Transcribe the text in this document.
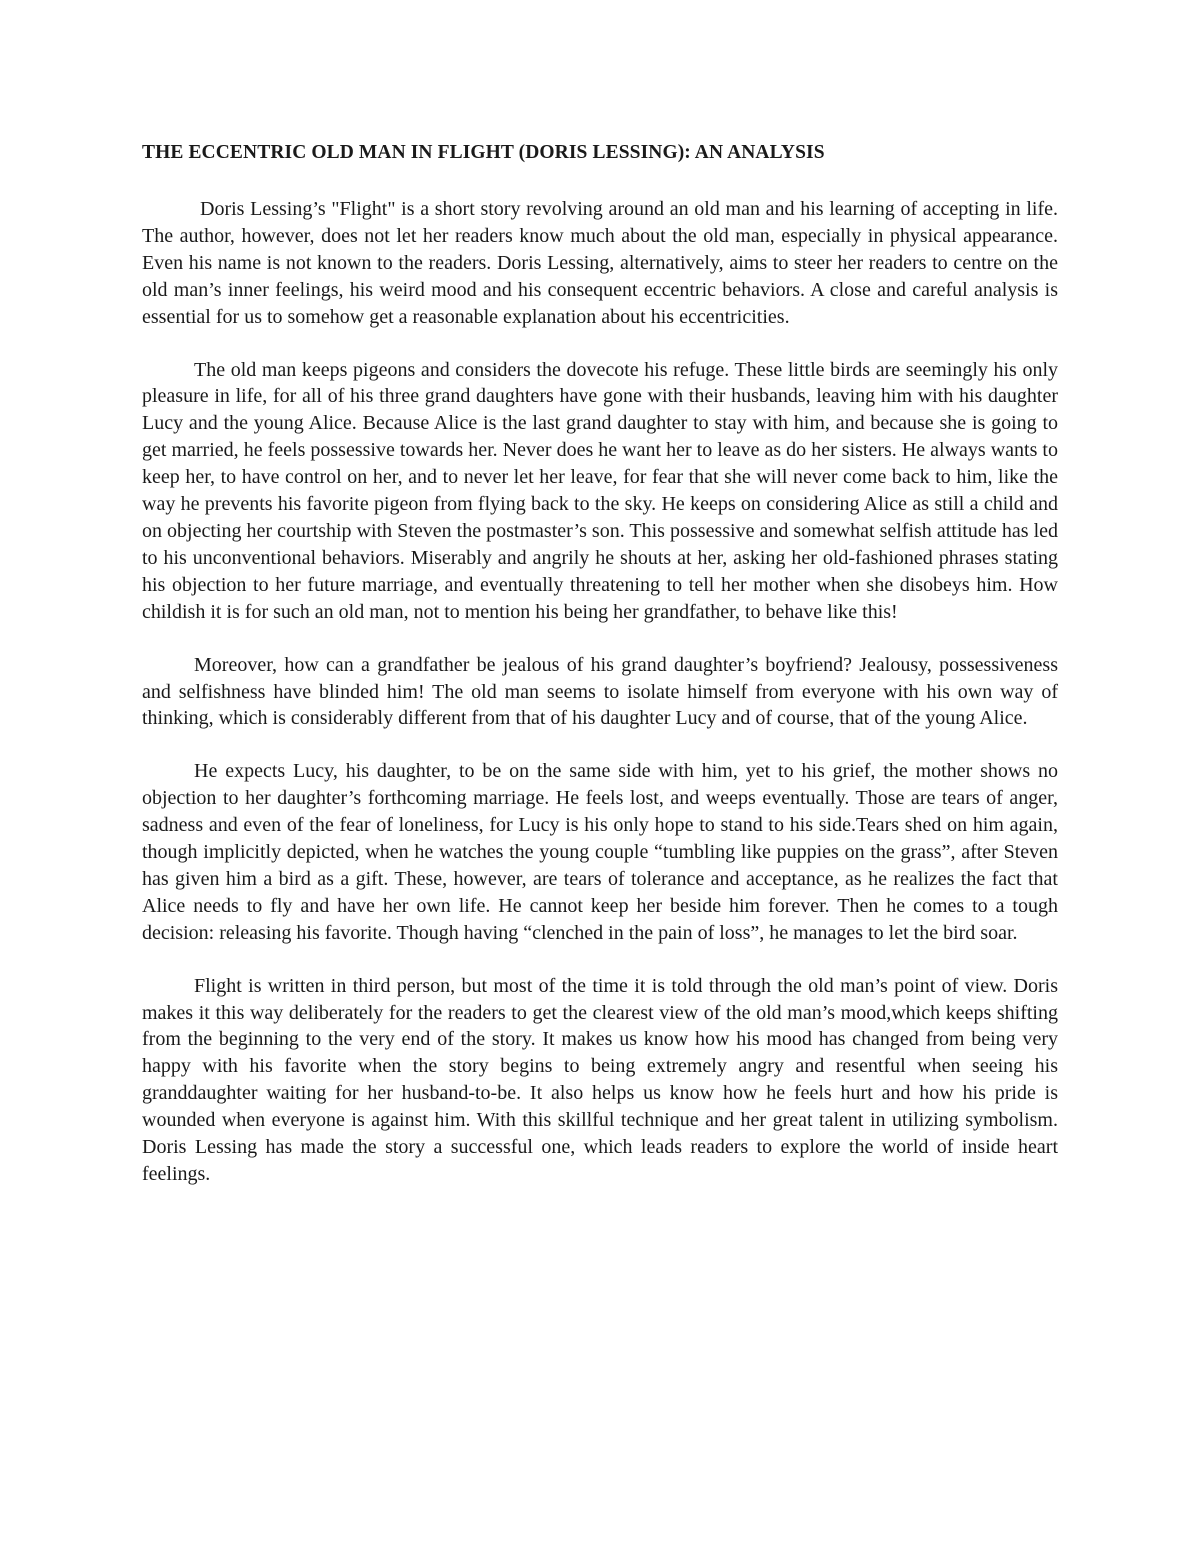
THE ECCENTRIC OLD MAN IN FLIGHT (DORIS LESSING): AN ANALYSIS

Doris Lessing’s "Flight" is a short story revolving around an old man and his learning of accepting in life. The author, however, does not let her readers know much about the old man, especially in physical appearance. Even his name is not known to the readers. Doris Lessing, alternatively, aims to steer her readers to centre on the old man’s inner feelings, his weird mood and his consequent eccentric behaviors. A close and careful analysis is essential for us to somehow get a reasonable explanation about his eccentricities.

The old man keeps pigeons and considers the dovecote his refuge. These little birds are seemingly his only pleasure in life, for all of his three grand daughters have gone with their husbands, leaving him with his daughter Lucy and the young Alice. Because Alice is the last grand daughter to stay with him, and because she is going to get married, he feels possessive towards her. Never does he want her to leave as do her sisters. He always wants to keep her, to have control on her, and to never let her leave, for fear that she will never come back to him, like the way he prevents his favorite pigeon from flying back to the sky. He keeps on considering Alice as still a child and on objecting her courtship with Steven the postmaster’s son. This possessive and somewhat selfish attitude has led to his unconventional behaviors. Miserably and angrily he shouts at her, asking her old-fashioned phrases stating his objection to her future marriage, and eventually threatening to tell her mother when she disobeys him. How childish it is for such an old man, not to mention his being her grandfather, to behave like this!

Moreover, how can a grandfather be jealous of his grand daughter’s boyfriend? Jealousy, possessiveness and selfishness have blinded him! The old man seems to isolate himself from everyone with his own way of thinking, which is considerably different from that of his daughter Lucy and of course, that of the young Alice.

He expects Lucy, his daughter, to be on the same side with him, yet to his grief, the mother shows no objection to her daughter’s forthcoming marriage. He feels lost, and weeps eventually. Those are tears of anger, sadness and even of the fear of loneliness, for Lucy is his only hope to stand to his side.Tears shed on him again, though implicitly depicted, when he watches the young couple “tumbling like puppies on the grass”, after Steven has given him a bird as a gift. These, however, are tears of tolerance and acceptance, as he realizes the fact that Alice needs to fly and have her own life. He cannot keep her beside him forever. Then he comes to a tough decision: releasing his favorite. Though having “clenched in the pain of loss”, he manages to let the bird soar.

Flight is written in third person, but most of the time it is told through the old man’s point of view. Doris makes it this way deliberately for the readers to get the clearest view of the old man’s mood,which keeps shifting from the beginning to the very end of the story. It makes us know how his mood has changed from being very happy with his favorite when the story begins to being extremely angry and resentful when seeing his granddaughter waiting for her husband-to-be. It also helps us know how he feels hurt and how his pride is wounded when everyone is against him. With this skillful technique and her great talent in utilizing symbolism. Doris Lessing has made the story a successful one, which leads readers to explore the world of inside heart feelings.
